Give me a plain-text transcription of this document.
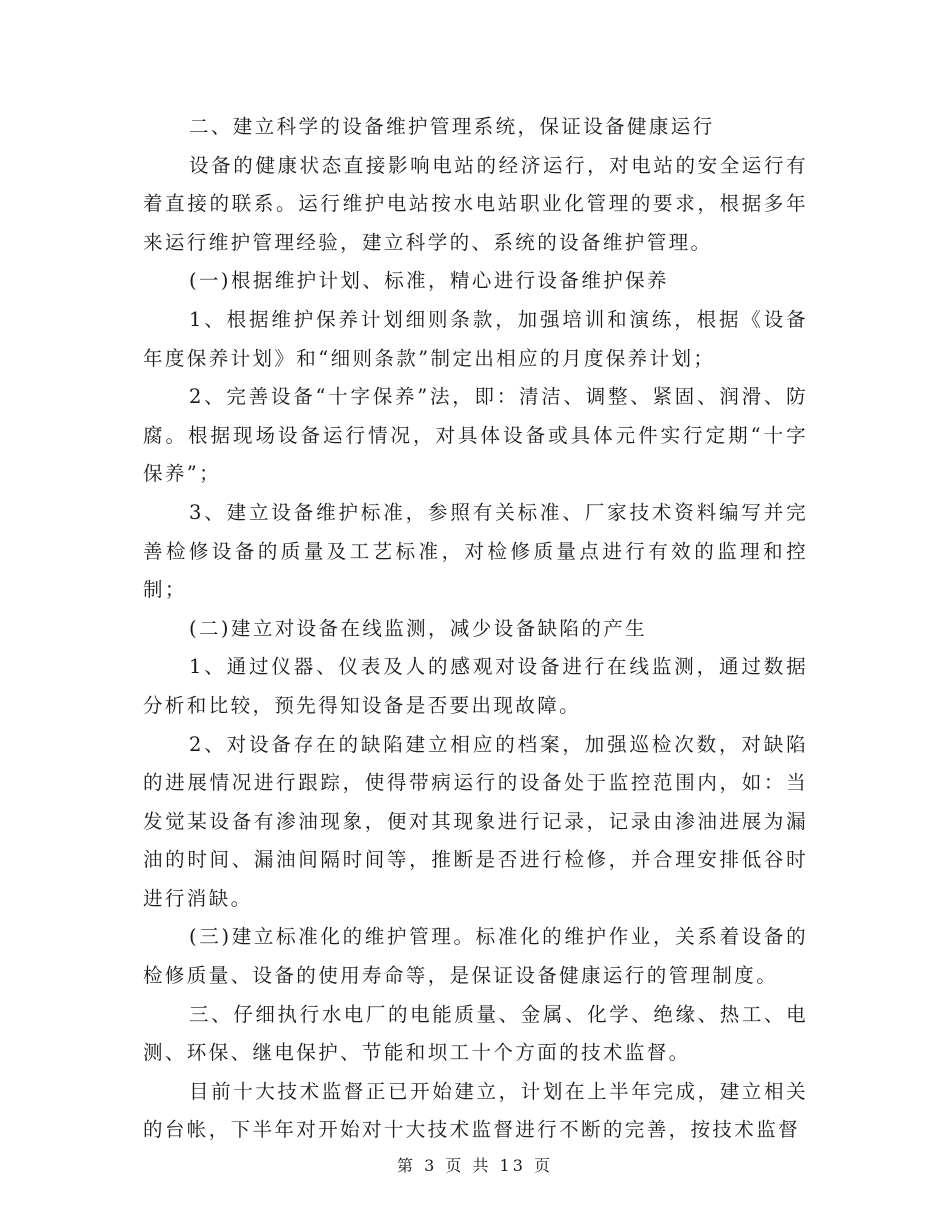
二、建立科学的设备维护管理系统，保证设备健康运行

设备的健康状态直接影响电站的经济运行，对电站的安全运行有着直接的联系。运行维护电站按水电站职业化管理的要求，根据多年来运行维护管理经验，建立科学的、系统的设备维护管理。

(一)根据维护计划、标准，精心进行设备维护保养

1、根据维护保养计划细则条款，加强培训和演练，根据《设备年度保养计划》和“细则条款”制定出相应的月度保养计划；

2、完善设备“十字保养”法，即：清洁、调整、紧固、润滑、防腐。根据现场设备运行情况，对具体设备或具体元件实行定期“十字保养”；

3、建立设备维护标准，参照有关标准、厂家技术资料编写并完善检修设备的质量及工艺标准，对检修质量点进行有效的监理和控制；

(二)建立对设备在线监测，减少设备缺陷的产生

1、通过仪器、仪表及人的感观对设备进行在线监测，通过数据分析和比较，预先得知设备是否要出现故障。

2、对设备存在的缺陷建立相应的档案，加强巡检次数，对缺陷的进展情况进行跟踪，使得带病运行的设备处于监控范围内，如：当发觉某设备有渗油现象，便对其现象进行记录，记录由渗油进展为漏油的时间、漏油间隔时间等，推断是否进行检修，并合理安排低谷时进行消缺。

(三)建立标准化的维护管理。标准化的维护作业，关系着设备的检修质量、设备的使用寿命等，是保证设备健康运行的管理制度。

三、仔细执行水电厂的电能质量、金属、化学、绝缘、热工、电测、环保、继电保护、节能和坝工十个方面的技术监督。

目前十大技术监督正已开始建立，计划在上半年完成，建立相关的台帐，下半年对开始对十大技术监督进行不断的完善，按技术监督

第 3 页 共 13 页
